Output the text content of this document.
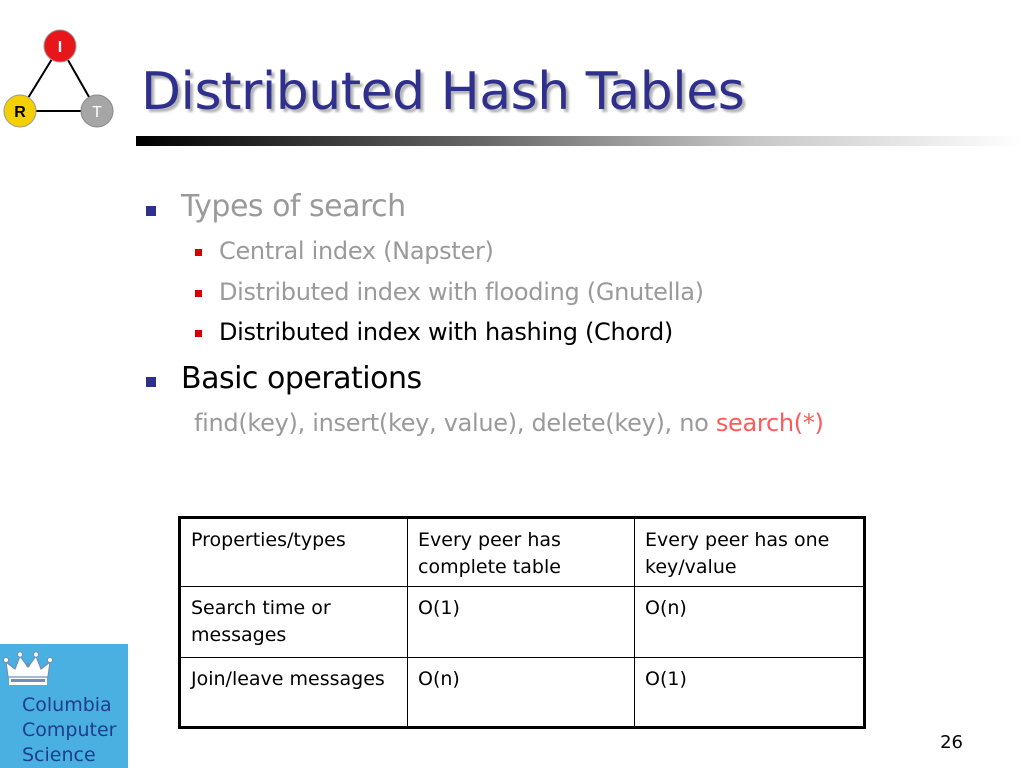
I
R	T Distributed Hash Tables
Types of search
Central index (Napster)
Distributed index with flooding (Gnutella)
Distributed index with hashing (Chord)
Basic operations
find(key), insert(key, value), delete(key), no search(*)
Properties/types	Every peer has complete table	Every peer has one key/value
Search time or messages	O(1)	O(n)
Join/leave messages	O(n)	O(1)
Columbia
Computer
Science
26
